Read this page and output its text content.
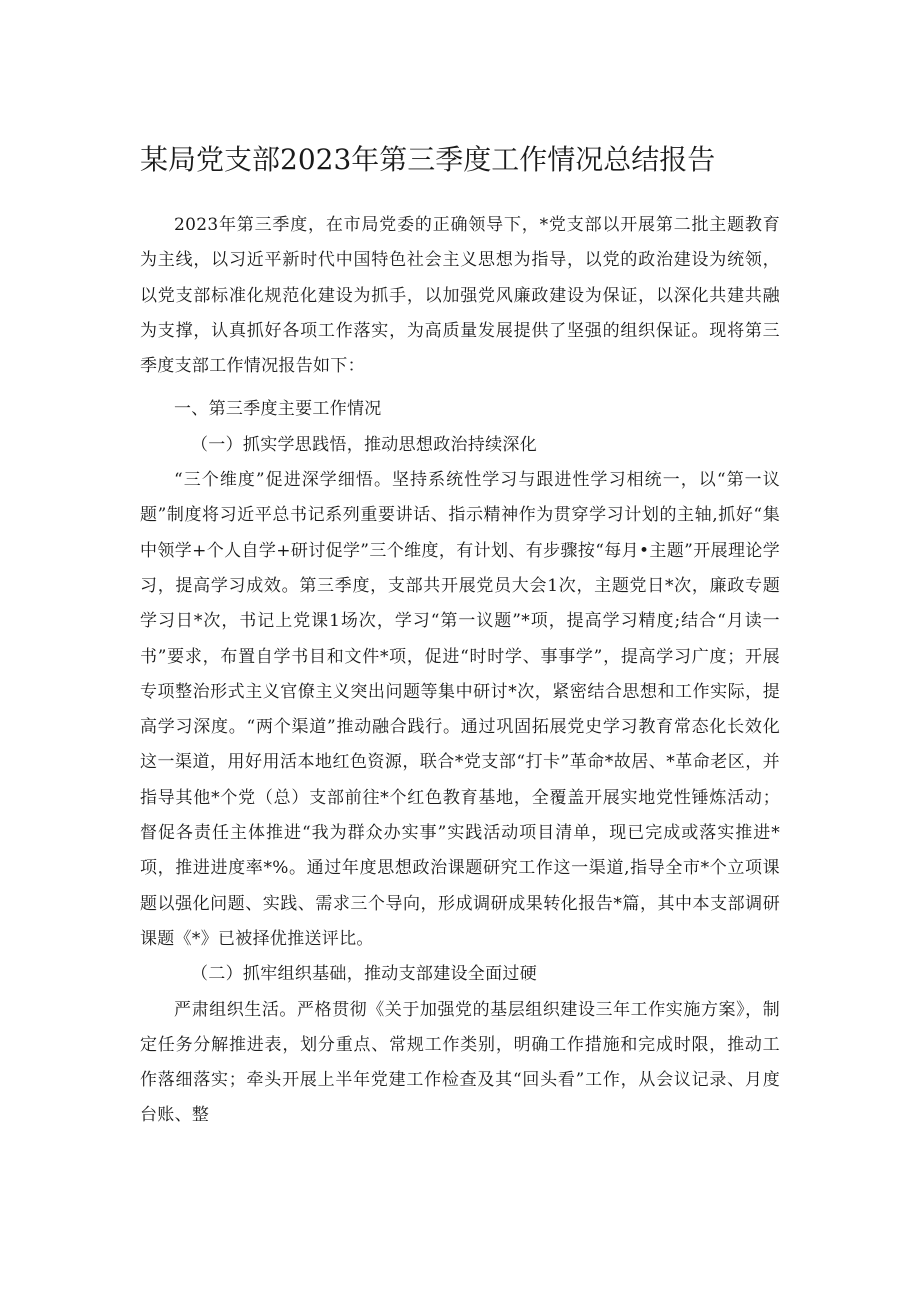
某局党支部2023年第三季度工作情况总结报告

2023年第三季度，在市局党委的正确领导下，*党支部以开展第二批主题教育为主线，以习近平新时代中国特色社会主义思想为指导，以党的政治建设为统领，以党支部标准化规范化建设为抓手，以加强党风廉政建设为保证，以深化共建共融为支撑，认真抓好各项工作落实，为高质量发展提供了坚强的组织保证。现将第三季度支部工作情况报告如下：

一、第三季度主要工作情况

（一）抓实学思践悟，推动思想政治持续深化

“三个维度”促进深学细悟。坚持系统性学习与跟进性学习相统一，以“第一议题”制度将习近平总书记系列重要讲话、指示精神作为贯穿学习计划的主轴,抓好“集中领学+个人自学+研讨促学”三个维度，有计划、有步骤按“每月•主题”开展理论学习，提高学习成效。第三季度，支部共开展党员大会1次，主题党日*次，廉政专题学习日*次，书记上党课1场次，学习“第一议题”*项，提高学习精度;结合“月读一书”要求，布置自学书目和文件*项，促进“时时学、事事学”，提高学习广度；开展专项整治形式主义官僚主义突出问题等集中研讨*次，紧密结合思想和工作实际，提高学习深度。“两个渠道”推动融合践行。通过巩固拓展党史学习教育常态化长效化这一渠道，用好用活本地红色资源，联合*党支部“打卡”革命*故居、*革命老区，并指导其他*个党（总）支部前往*个红色教育基地，全覆盖开展实地党性锤炼活动；督促各责任主体推进“我为群众办实事”实践活动项目清单，现已完成或落实推进*项，推进进度率*%。通过年度思想政治课题研究工作这一渠道,指导全市*个立项课题以强化问题、实践、需求三个导向，形成调研成果转化报告*篇，其中本支部调研课题《*》已被择优推送评比。

（二）抓牢组织基础，推动支部建设全面过硬

严肃组织生活。严格贯彻《关于加强党的基层组织建设三年工作实施方案》，制定任务分解推进表，划分重点、常规工作类别，明确工作措施和完成时限，推动工作落细落实；牵头开展上半年党建工作检查及其“回头看”工作，从会议记录、月度台账、整
